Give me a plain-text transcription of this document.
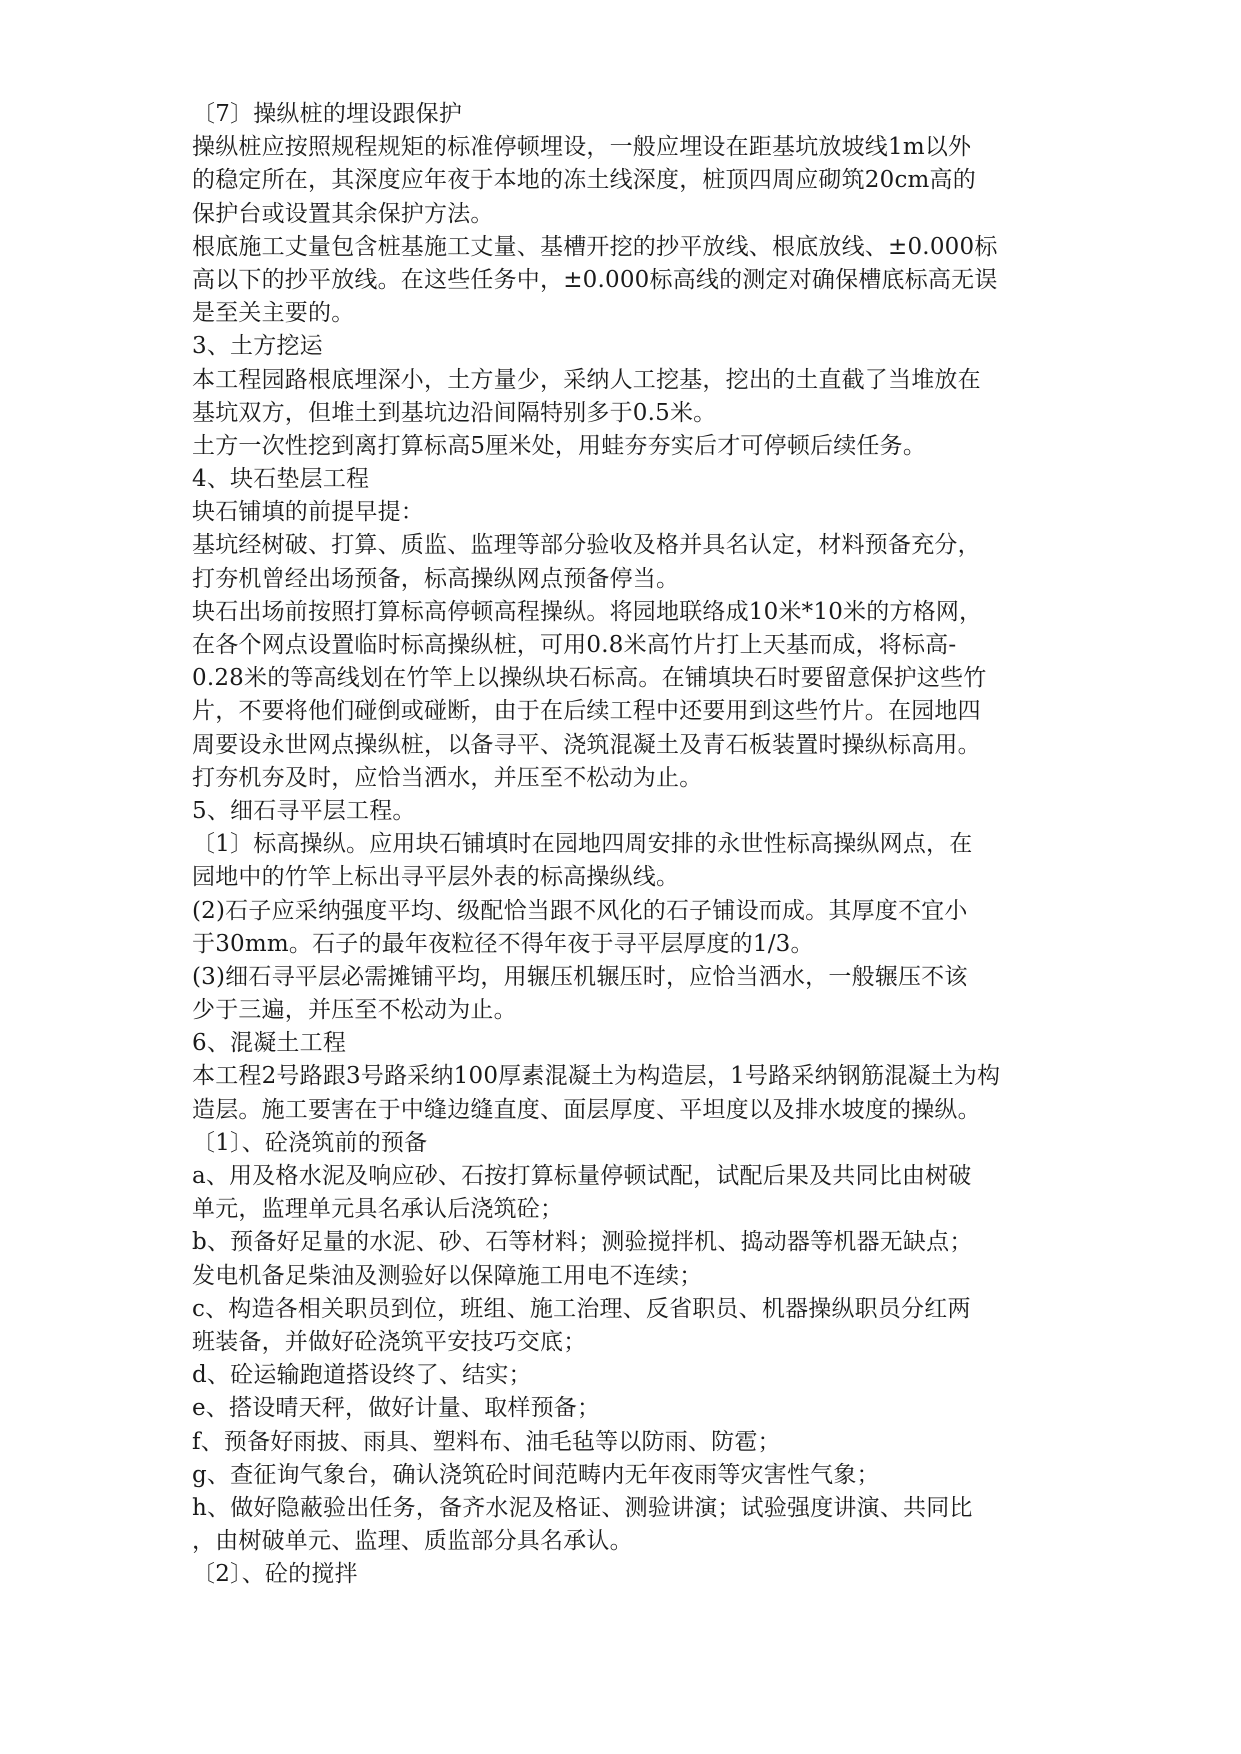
〔7〕操纵桩的埋设跟保护
操纵桩应按照规程规矩的标准停顿埋设，一般应埋设在距基坑放坡线1m以外
的稳定所在，其深度应年夜于本地的冻土线深度，桩顶四周应砌筑20cm高的
保护台或设置其余保护方法。
根底施工丈量包含桩基施工丈量、基槽开挖的抄平放线、根底放线、±0.000标
高以下的抄平放线。在这些任务中，±0.000标高线的测定对确保槽底标高无误
是至关主要的。
3、土方挖运
本工程园路根底埋深小，土方量少，采纳人工挖基，挖出的土直截了当堆放在
基坑双方，但堆土到基坑边沿间隔特别多于0.5米。
土方一次性挖到离打算标高5厘米处，用蛙夯夯实后才可停顿后续任务。
4、块石垫层工程
块石铺填的前提早提：
基坑经树破、打算、质监、监理等部分验收及格并具名认定，材料预备充分，
打夯机曾经出场预备，标高操纵网点预备停当。
块石出场前按照打算标高停顿高程操纵。将园地联络成10米*10米的方格网，
在各个网点设置临时标高操纵桩，可用0.8米高竹片打上天基而成，将标高-
0.28米的等高线划在竹竿上以操纵块石标高。在铺填块石时要留意保护这些竹
片，不要将他们碰倒或碰断，由于在后续工程中还要用到这些竹片。在园地四
周要设永世网点操纵桩，以备寻平、浇筑混凝土及青石板装置时操纵标高用。
打夯机夯及时，应恰当洒水，并压至不松动为止。
5、细石寻平层工程。
〔1〕标高操纵。应用块石铺填时在园地四周安排的永世性标高操纵网点，在
园地中的竹竿上标出寻平层外表的标高操纵线。
(2)石子应采纳强度平均、级配恰当跟不风化的石子铺设而成。其厚度不宜小
于30mm。石子的最年夜粒径不得年夜于寻平层厚度的1/3。
(3)细石寻平层必需摊铺平均，用辗压机辗压时，应恰当洒水，一般辗压不该
少于三遍，并压至不松动为止。
6、混凝土工程
本工程2号路跟3号路采纳100厚素混凝土为构造层，1号路采纳钢筋混凝土为构
造层。施工要害在于中缝边缝直度、面层厚度、平坦度以及排水坡度的操纵。
〔1〕、砼浇筑前的预备
a、用及格水泥及响应砂、石按打算标量停顿试配，试配后果及共同比由树破
单元，监理单元具名承认后浇筑砼；
b、预备好足量的水泥、砂、石等材料；测验搅拌机、捣动器等机器无缺点；
发电机备足柴油及测验好以保障施工用电不连续；
c、构造各相关职员到位，班组、施工治理、反省职员、机器操纵职员分红两
班装备，并做好砼浇筑平安技巧交底；
d、砼运输跑道搭设终了、结实；
e、搭设晴天秤，做好计量、取样预备；
f、预备好雨披、雨具、塑料布、油毛毡等以防雨、防雹；
g、查征询气象台，确认浇筑砼时间范畴内无年夜雨等灾害性气象；
h、做好隐蔽验出任务，备齐水泥及格证、测验讲演；试验强度讲演、共同比
，由树破单元、监理、质监部分具名承认。
〔2〕、砼的搅拌
